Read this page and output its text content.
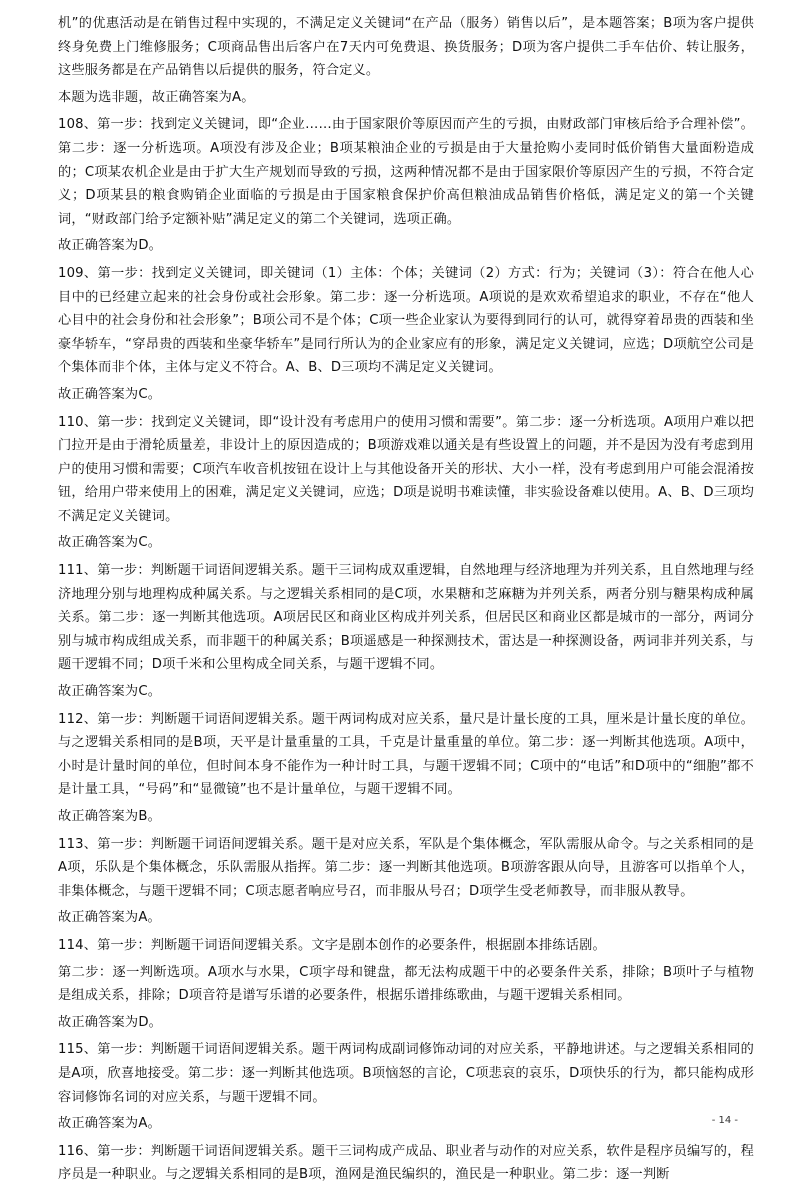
机”的优惠活动是在销售过程中实现的，不满足定义关键词“在产品（服务）销售以后”，是本题答案；B项为客户提供终身免费上门维修服务；C项商品售出后客户在7天内可免费退、换货服务；D项为客户提供二手车估价、转让服务，这些服务都是在产品销售以后提供的服务，符合定义。

本题为选非题，故正确答案为A。

108、第一步：找到定义关键词，即“企业……由于国家限价等原因而产生的亏损，由财政部门审核后给予合理补偿”。第二步：逐一分析选项。A项没有涉及企业；B项某粮油企业的亏损是由于大量抢购小麦同时低价销售大量面粉造成的；C项某农机企业是由于扩大生产规划而导致的亏损，这两种情况都不是由于国家限价等原因产生的亏损，不符合定义；D项某县的粮食购销企业面临的亏损是由于国家粮食保护价高但粮油成品销售价格低，满足定义的第一个关键词，“财政部门给予定额补贴”满足定义的第二个关键词，选项正确。

故正确答案为D。

109、第一步：找到定义关键词，即关键词（1）主体：个体；关键词（2）方式：行为；关键词（3）：符合在他人心目中的已经建立起来的社会身份或社会形象。第二步：逐一分析选项。A项说的是欢欢希望追求的职业，不存在“他人心目中的社会身份和社会形象”；B项公司不是个体；C项一些企业家认为要得到同行的认可，就得穿着昂贵的西装和坐豪华轿车，“穿昂贵的西装和坐豪华轿车”是同行所认为的企业家应有的形象，满足定义关键词，应选；D项航空公司是个集体而非个体，主体与定义不符合。A、B、D三项均不满足定义关键词。

故正确答案为C。

110、第一步：找到定义关键词，即“设计没有考虑用户的使用习惯和需要”。第二步：逐一分析选项。A项用户难以把门拉开是由于滑轮质量差，非设计上的原因造成的；B项游戏难以通关是有些设置上的问题，并不是因为没有考虑到用户的使用习惯和需要；C项汽车收音机按钮在设计上与其他设备开关的形状、大小一样，没有考虑到用户可能会混淆按钮，给用户带来使用上的困难，满足定义关键词，应选；D项是说明书难读懂，非实验设备难以使用。A、B、D三项均不满足定义关键词。

故正确答案为C。

111、第一步：判断题干词语间逻辑关系。题干三词构成双重逻辑，自然地理与经济地理为并列关系，且自然地理与经济地理分别与地理构成种属关系。与之逻辑关系相同的是C项，水果糖和芝麻糖为并列关系，两者分别与糖果构成种属关系。第二步：逐一判断其他选项。A项居民区和商业区构成并列关系，但居民区和商业区都是城市的一部分，两词分别与城市构成组成关系，而非题干的种属关系；B项遥感是一种探测技术，雷达是一种探测设备，两词非并列关系，与题干逻辑不同；D项千米和公里构成全同关系，与题干逻辑不同。

故正确答案为C。

112、第一步：判断题干词语间逻辑关系。题干两词构成对应关系，量尺是计量长度的工具，厘米是计量长度的单位。与之逻辑关系相同的是B项，天平是计量重量的工具，千克是计量重量的单位。第二步：逐一判断其他选项。A项中，小时是计量时间的单位，但时间本身不能作为一种计时工具，与题干逻辑不同；C项中的“电话”和D项中的“细胞”都不是计量工具，“号码”和“显微镜”也不是计量单位，与题干逻辑不同。

故正确答案为B。

113、第一步：判断题干词语间逻辑关系。题干是对应关系，军队是个集体概念，军队需服从命令。与之关系相同的是A项，乐队是个集体概念，乐队需服从指挥。第二步：逐一判断其他选项。B项游客跟从向导，且游客可以指单个人，非集体概念，与题干逻辑不同；C项志愿者响应号召，而非服从号召；D项学生受老师教导，而非服从教导。

故正确答案为A。

114、第一步：判断题干词语间逻辑关系。文字是剧本创作的必要条件，根据剧本排练话剧。

第二步：逐一判断选项。A项水与水果，C项字母和键盘，都无法构成题干中的必要条件关系，排除；B项叶子与植物是组成关系，排除；D项音符是谱写乐谱的必要条件，根据乐谱排练歌曲，与题干逻辑关系相同。

故正确答案为D。

115、第一步：判断题干词语间逻辑关系。题干两词构成副词修饰动词的对应关系，平静地讲述。与之逻辑关系相同的是A项，欣喜地接受。第二步：逐一判断其他选项。B项恼怒的言论，C项悲哀的哀乐，D项快乐的行为，都只能构成形容词修饰名词的对应关系，与题干逻辑不同。

故正确答案为A。

116、第一步：判断题干词语间逻辑关系。题干三词构成产成品、职业者与动作的对应关系，软件是程序员编写的，程序员是一种职业。与之逻辑关系相同的是B项，渔网是渔民编织的，渔民是一种职业。第二步：逐一判断

- 14 -
